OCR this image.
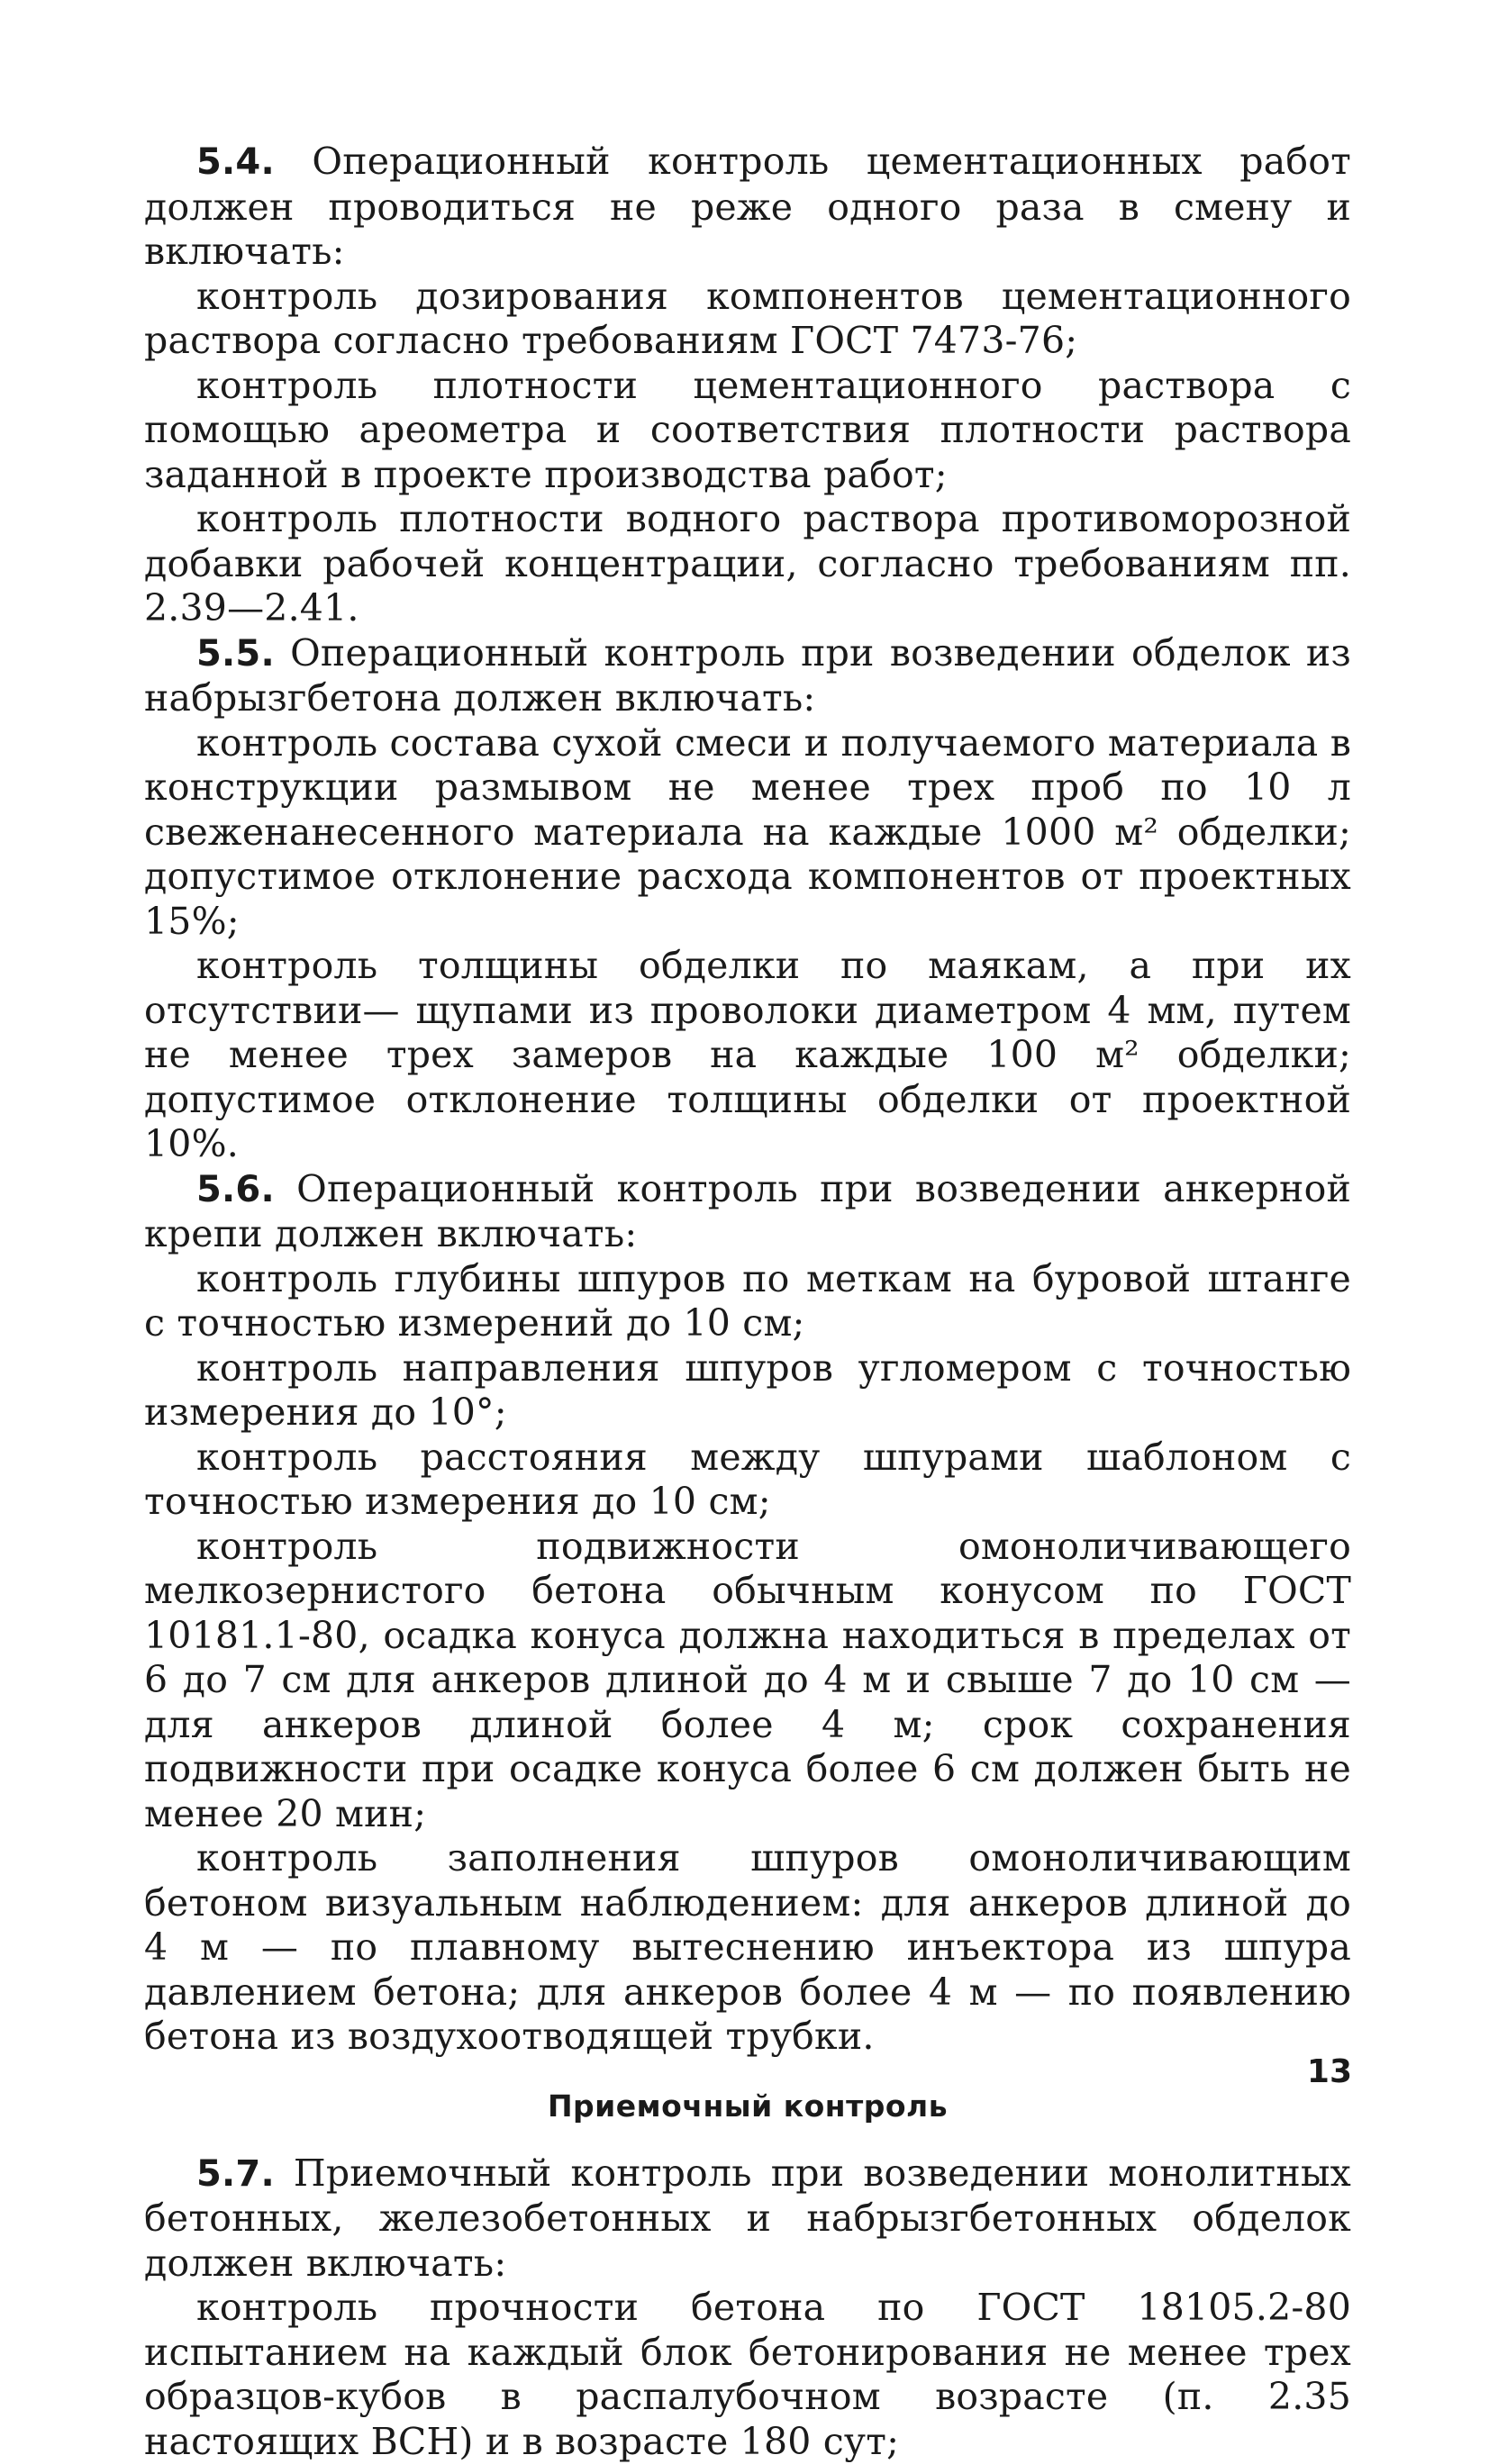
5.4. Операционный контроль цементационных работ должен проводиться не реже одного раза в смену и включать:

контроль дозирования компонентов цементационного раствора согласно требованиям ГОСТ 7473-76;

контроль плотности цементационного раствора с помощью ареометра и соответствия плотности раствора заданной в проекте производства работ;

контроль плотности водного раствора противоморозной добавки рабочей концентрации, согласно требованиям пп. 2.39—2.41.

5.5. Операционный контроль при возведении обделок из набрызгбетона должен включать:

контроль состава сухой смеси и получаемого материала в конструкции размывом не менее трех проб по 10 л свеженанесенного материала на каждые 1000 м² обделки; допустимое отклонение расхода компонентов от проектных 15%;

контроль толщины обделки по маякам, а при их отсутствии— щупами из проволоки диаметром 4 мм, путем не менее трех замеров на каждые 100 м² обделки; допустимое отклонение толщины обделки от проектной 10%.

5.6. Операционный контроль при возведении анкерной крепи должен включать:

контроль глубины шпуров по меткам на буровой штанге с точностью измерений до 10 см;

контроль направления шпуров угломером с точностью измерения до 10°;

контроль расстояния между шпурами шаблоном с точностью измерения до 10 см;

контроль подвижности омоноличивающего мелкозернистого бетона обычным конусом по ГОСТ 10181.1-80, осадка конуса должна находиться в пределах от 6 до 7 см для анкеров длиной до 4 м и свыше 7 до 10 см — для анкеров длиной более 4 м; срок сохранения подвижности при осадке конуса более 6 см должен быть не менее 20 мин;

контроль заполнения шпуров омоноличивающим бетоном визуальным наблюдением: для анкеров длиной до 4 м — по плавному вытеснению инъектора из шпура давлением бетона; для анкеров более 4 м — по появлению бетона из воздухоотводящей трубки.

Приемочный контроль

5.7. Приемочный контроль при возведении монолитных бетонных, железобетонных и набрызгбетонных обделок должен включать:

контроль прочности бетона по ГОСТ 18105.2-80 испытанием на каждый блок бетонирования не менее трех образцов-кубов в распалубочном возрасте (п. 2.35 настоящих ВСН) и в возрасте 180 сут;

13
